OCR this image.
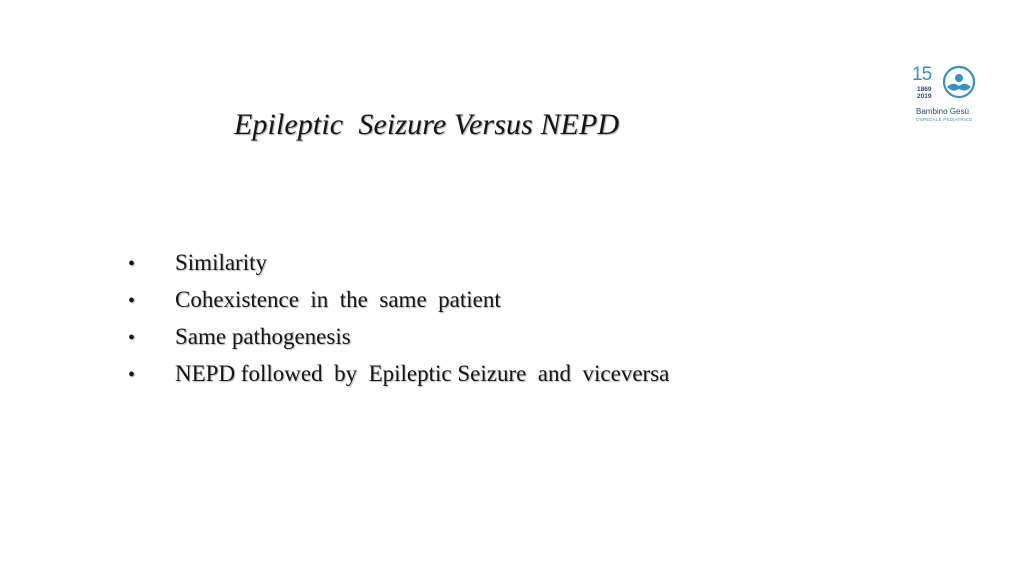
15
1869
2019
Bambino Gesù
OSPEDALE PEDIATRICO
Epileptic  Seizure Versus NEPD
•	Similarity
•	Cohexistence  in  the  same  patient
•	Same pathogenesis
•	NEPD followed  by  Epileptic Seizure  and  viceversa
